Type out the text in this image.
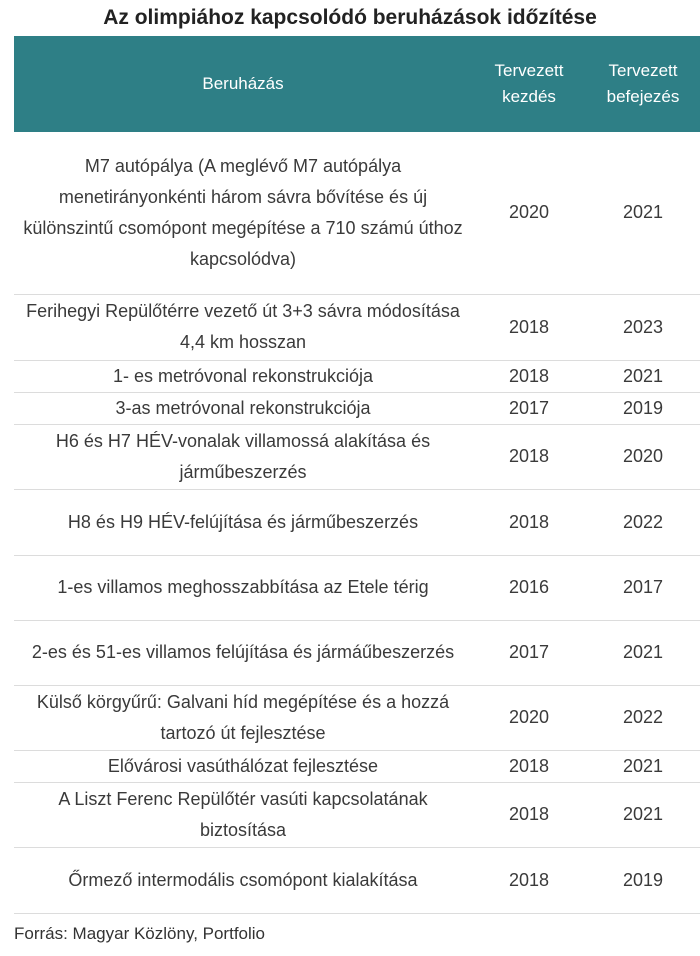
Az olimpiához kapcsolódó beruházások időzítése
Beruházás	Tervezett kezdés	Tervezett befejezés
M7 autópálya (A meglévő M7 autópálya menetirányonkénti három sávra bővítése és új különszintű csomópont megépítése a 710 számú úthoz kapcsolódva)	2020	2021
Ferihegyi Repülőtérre vezető út 3+3 sávra módosítása 4,4 km hosszan	2018	2023
1- es metróvonal rekonstrukciója	2018	2021
3-as metróvonal rekonstrukciója	2017	2019
H6 és H7 HÉV-vonalak villamossá alakítása és járműbeszerzés	2018	2020
H8 és H9 HÉV-felújítása és járműbeszerzés	2018	2022
1-es villamos meghosszabbítása az Etele térig	2016	2017
2-es és 51-es villamos felújítása és jármáűbeszerzés	2017	2021
Külső körgyűrű: Galvani híd megépítése és a hozzá tartozó út fejlesztése	2020	2022
Elővárosi vasúthálózat fejlesztése	2018	2021
A Liszt Ferenc Repülőtér vasúti kapcsolatának biztosítása	2018	2021
Őrmező intermodális csomópont kialakítása	2018	2019
Forrás: Magyar Közlöny, Portfolio
